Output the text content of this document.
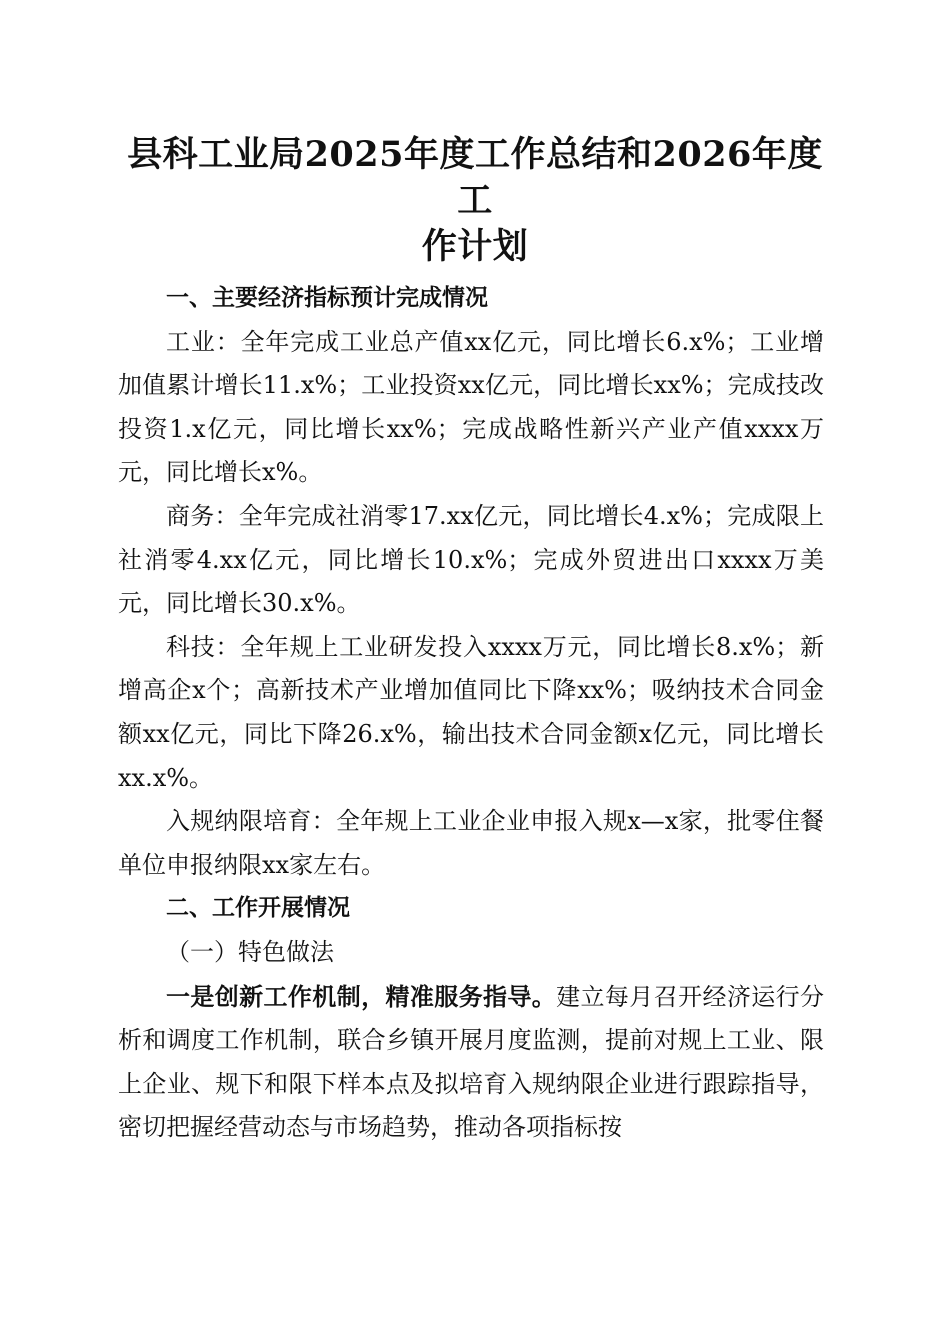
县科工业局2025年度工作总结和2026年度工
作计划

一、主要经济指标预计完成情况

工业：全年完成工业总产值xx亿元，同比增长6.x%；工业增加值累计增长11.x%；工业投资xx亿元，同比增长xx%；完成技改投资1.x亿元，同比增长xx%；完成战略性新兴产业产值xxxx万元，同比增长x%。

商务：全年完成社消零17.xx亿元，同比增长4.x%；完成限上社消零4.xx亿元，同比增长10.x%；完成外贸进出口xxxx万美元，同比增长30.x%。

科技：全年规上工业研发投入xxxx万元，同比增长8.x%；新增高企x个；高新技术产业增加值同比下降xx%；吸纳技术合同金额xx亿元，同比下降26.x%，输出技术合同金额x亿元，同比增长xx.x%。

入规纳限培育：全年规上工业企业申报入规x—x家，批零住餐单位申报纳限xx家左右。

二、工作开展情况

（一）特色做法

一是创新工作机制，精准服务指导。建立每月召开经济运行分析和调度工作机制，联合乡镇开展月度监测，提前对规上工业、限上企业、规下和限下样本点及拟培育入规纳限企业进行跟踪指导，密切把握经营动态与市场趋势，推动各项指标按
